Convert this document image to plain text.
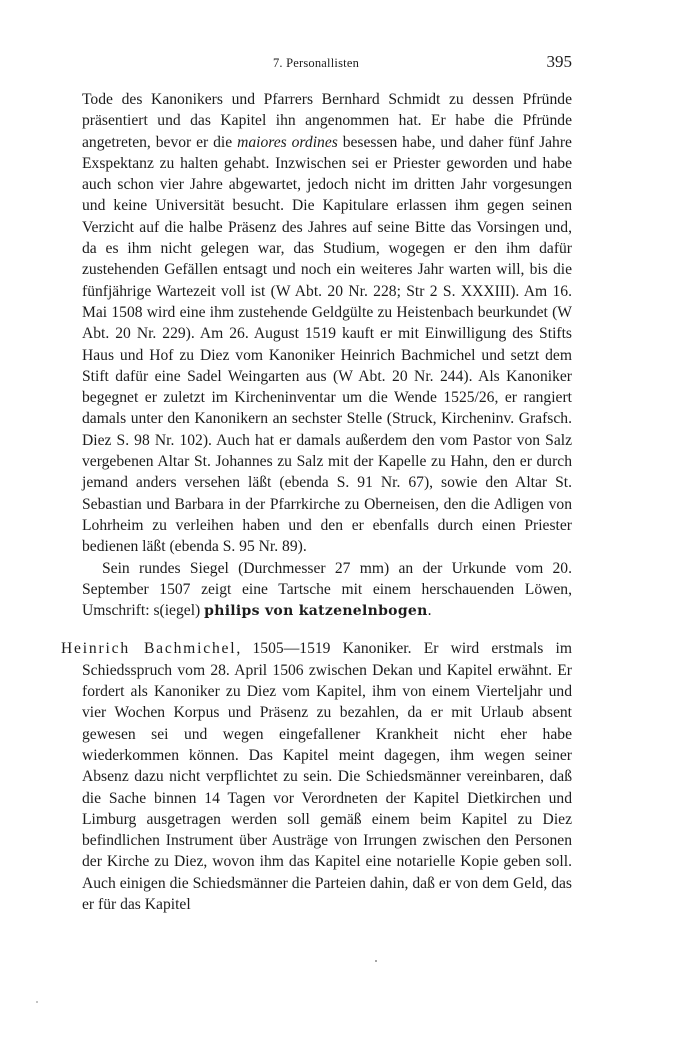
7. Personallisten	395

Tode des Kanonikers und Pfarrers Bernhard Schmidt zu dessen Pfründe präsentiert und das Kapitel ihn angenommen hat. Er habe die Pfründe angetreten, bevor er die maiores ordines besessen habe, und daher fünf Jahre Exspektanz zu halten gehabt. Inzwischen sei er Priester geworden und habe auch schon vier Jahre abgewartet, jedoch nicht im dritten Jahr vorgesungen und keine Universität besucht. Die Kapitulare erlassen ihm gegen seinen Verzicht auf die halbe Präsenz des Jahres auf seine Bitte das Vorsingen und, da es ihm nicht gelegen war, das Studium, wogegen er den ihm dafür zustehenden Gefällen entsagt und noch ein weiteres Jahr warten will, bis die fünfjährige Wartezeit voll ist (W Abt. 20 Nr. 228; Str 2 S. XXXIII). Am 16. Mai 1508 wird eine ihm zustehende Geldgülte zu Heistenbach beurkundet (W Abt. 20 Nr. 229). Am 26. August 1519 kauft er mit Einwilligung des Stifts Haus und Hof zu Diez vom Kanoniker Heinrich Bachmichel und setzt dem Stift dafür eine Sadel Weingarten aus (W Abt. 20 Nr. 244). Als Kanoniker begegnet er zuletzt im Kircheninventar um die Wende 1525/26, er rangiert damals unter den Kanonikern an sechster Stelle (Struck, Kircheninv. Grafsch. Diez S. 98 Nr. 102). Auch hat er damals außerdem den vom Pastor von Salz vergebenen Altar St. Johannes zu Salz mit der Kapelle zu Hahn, den er durch jemand anders versehen läßt (ebenda S. 91 Nr. 67), sowie den Altar St. Sebastian und Barbara in der Pfarrkirche zu Oberneisen, den die Adligen von Lohrheim zu verleihen haben und den er ebenfalls durch einen Priester bedienen läßt (ebenda S. 95 Nr. 89).

Sein rundes Siegel (Durchmesser 27 mm) an der Urkunde vom 20. September 1507 zeigt eine Tartsche mit einem herschauenden Löwen, Umschrift: s(iegel) philips von katzenelnbogen.

Heinrich Bachmichel, 1505—1519 Kanoniker. Er wird erstmals im Schiedsspruch vom 28. April 1506 zwischen Dekan und Kapitel erwähnt. Er fordert als Kanoniker zu Diez vom Kapitel, ihm von einem Vierteljahr und vier Wochen Korpus und Präsenz zu bezahlen, da er mit Urlaub absent gewesen sei und wegen eingefallener Krankheit nicht eher habe wiederkommen können. Das Kapitel meint dagegen, ihm wegen seiner Absenz dazu nicht verpflichtet zu sein. Die Schiedsmänner vereinbaren, daß die Sache binnen 14 Tagen vor Verordneten der Kapitel Dietkirchen und Limburg ausgetragen werden soll gemäß einem beim Kapitel zu Diez befindlichen Instrument über Austräge von Irrungen zwischen den Personen der Kirche zu Diez, wovon ihm das Kapitel eine notarielle Kopie geben soll. Auch einigen die Schiedsmänner die Parteien dahin, daß er von dem Geld, das er für das Kapitel
